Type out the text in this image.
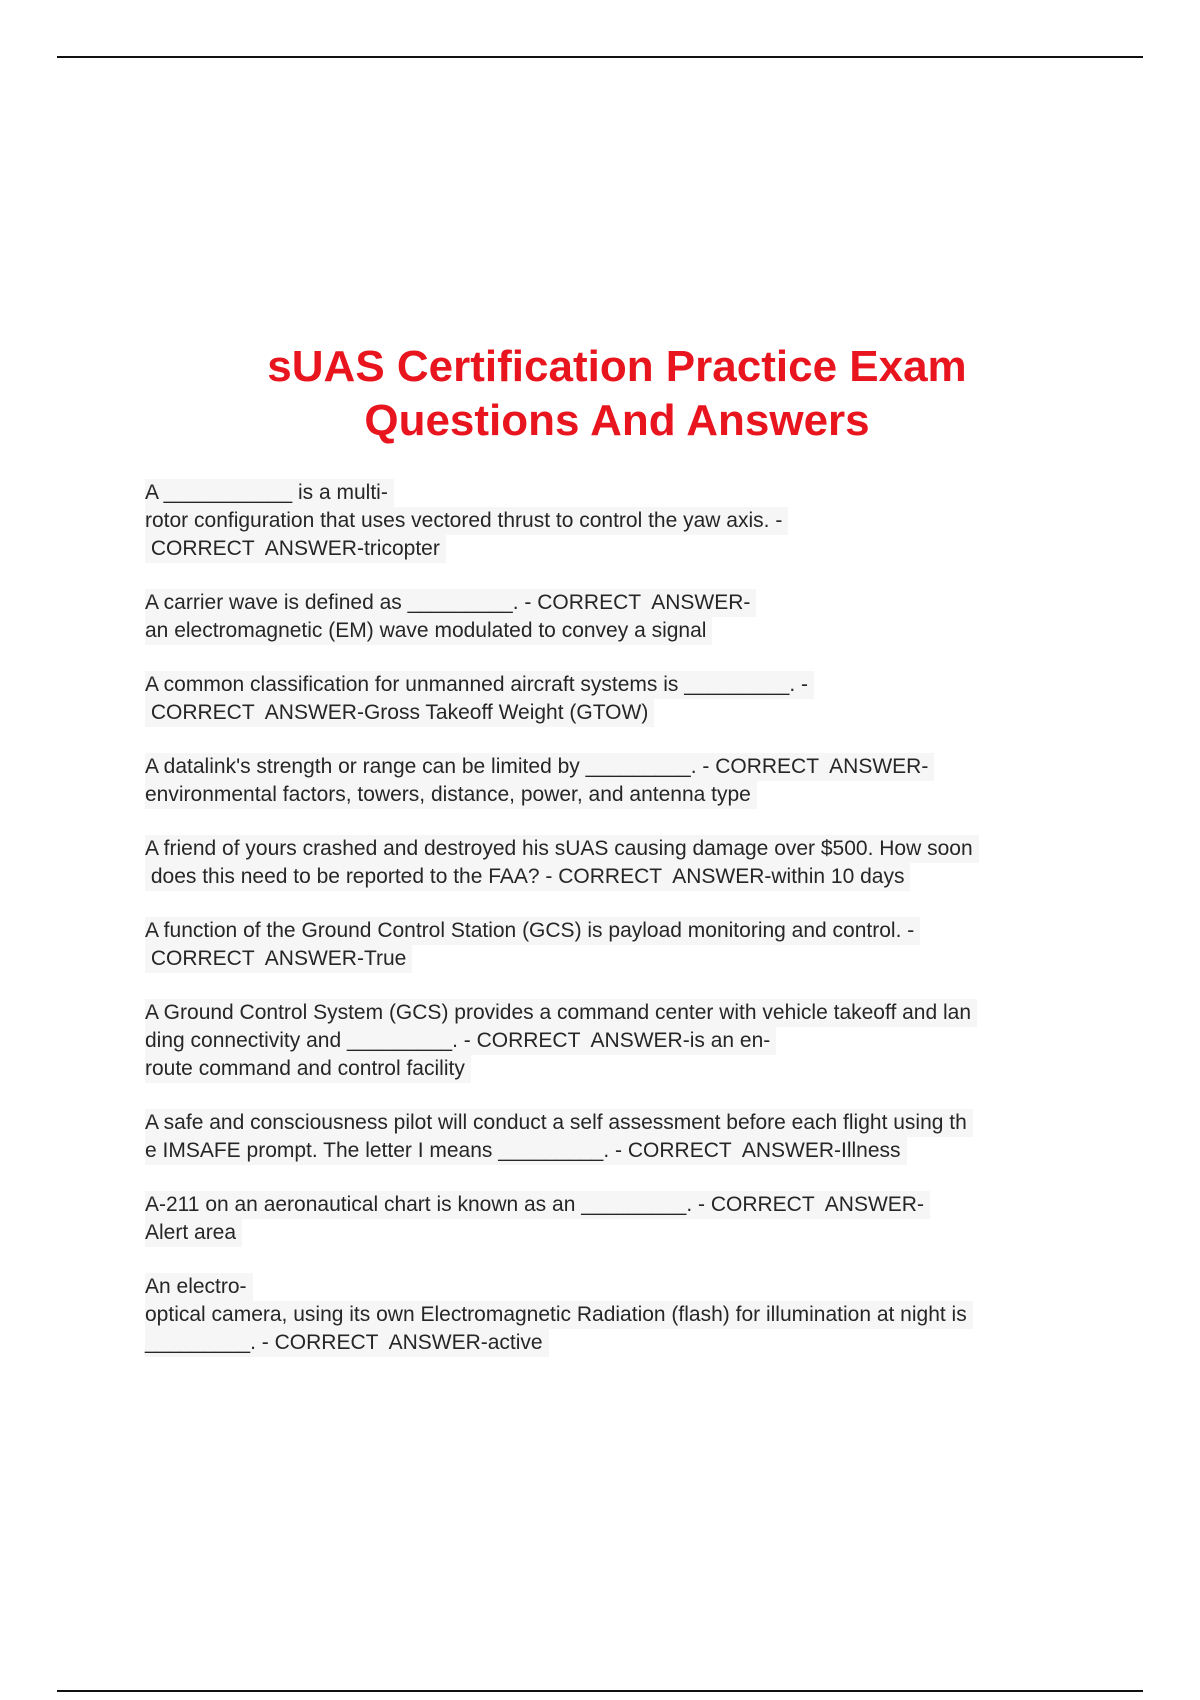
sUAS Certification Practice Exam
Questions And Answers
A ___________ is a multi-
rotor configuration that uses vectored thrust to control the yaw axis. -
CORRECT  ANSWER-tricopter
A carrier wave is defined as _________. - CORRECT  ANSWER-
an electromagnetic (EM) wave modulated to convey a signal
A common classification for unmanned aircraft systems is _________. -
CORRECT  ANSWER-Gross Takeoff Weight (GTOW)
A datalink's strength or range can be limited by _________. - CORRECT  ANSWER-
environmental factors, towers, distance, power, and antenna type
A friend of yours crashed and destroyed his sUAS causing damage over $500. How soon
does this need to be reported to the FAA? - CORRECT  ANSWER-within 10 days
A function of the Ground Control Station (GCS) is payload monitoring and control. -
CORRECT  ANSWER-True
A Ground Control System (GCS) provides a command center with vehicle takeoff and lan
ding connectivity and _________. - CORRECT  ANSWER-is an en-
route command and control facility
A safe and consciousness pilot will conduct a self assessment before each flight using th
e IMSAFE prompt. The letter I means _________. - CORRECT  ANSWER-Illness
A-211 on an aeronautical chart is known as an _________. - CORRECT  ANSWER-
Alert area
An electro-
optical camera, using its own Electromagnetic Radiation (flash) for illumination at night is
_________. - CORRECT  ANSWER-active
